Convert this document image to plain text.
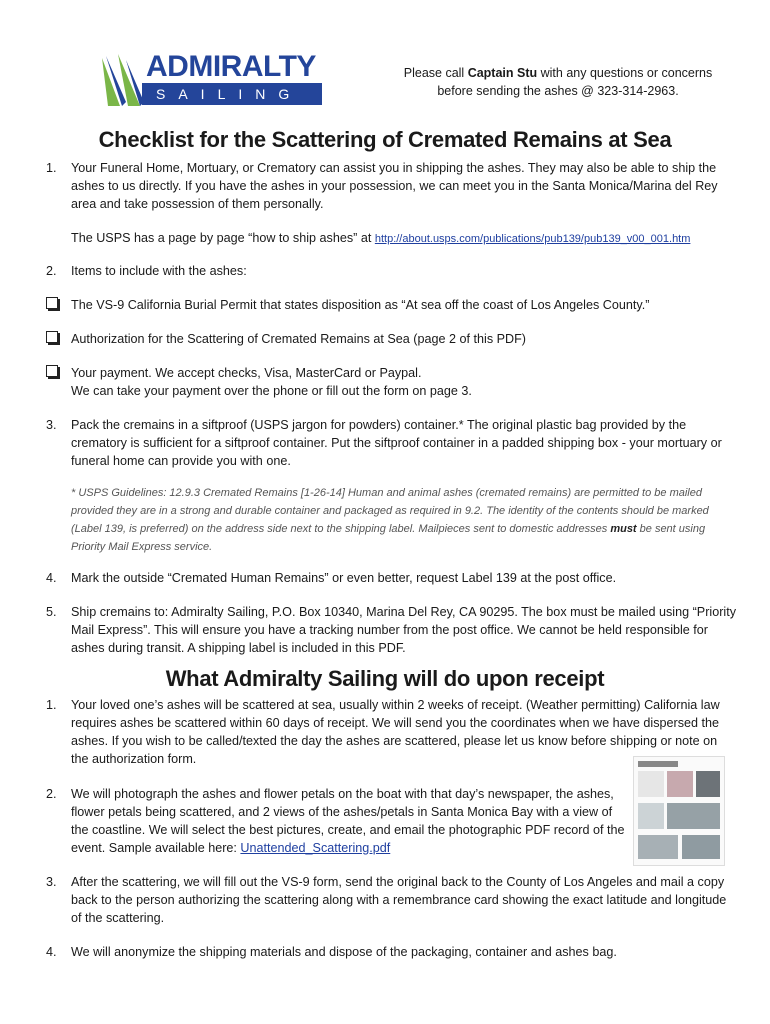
ADMIRALTY
SAILING
Please call Captain Stu with any questions or concerns
before sending the ashes @ 323-314-2963.
Checklist for the Scattering of Cremated Remains at Sea
1.	Your Funeral Home, Mortuary, or Crematory can assist you in shipping the ashes. They may also be able to ship the ashes to us directly. If you have the ashes in your possession, we can meet you in the Santa Monica/Marina del Rey area and take possession of them personally.
The USPS has a page by page “how to ship ashes” at http://about.usps.com/publications/pub139/pub139_v00_001.htm
2.	Items to include with the ashes:
The VS-9 California Burial Permit that states disposition as “At sea off the coast of Los Angeles County.”
Authorization for the Scattering of Cremated Remains at Sea (page 2 of this PDF)
Your payment. We accept checks, Visa, MasterCard or Paypal.
We can take your payment over the phone or fill out the form on page 3.
3.	Pack the cremains in a siftproof (USPS jargon for powders) container.* The original plastic bag provided by the crematory is sufficient for a siftproof container. Put the siftproof container in a padded shipping box - your mortuary or funeral home can provide you with one.
* USPS Guidelines: 12.9.3 Cremated Remains [1-26-14] Human and animal ashes (cremated remains) are permitted to be mailed provided they are in a strong and durable container and packaged as required in 9.2. The identity of the contents should be marked (Label 139, is preferred) on the address side next to the shipping label. Mailpieces sent to domestic addresses must be sent using Priority Mail Express service.
4.	Mark the outside “Cremated Human Remains” or even better, request Label 139 at the post office.
5.	Ship cremains to: Admiralty Sailing, P.O. Box 10340, Marina Del Rey, CA 90295. The box must be mailed using “Priority Mail Express”. This will ensure you have a tracking number from the post office. We cannot be held responsible for ashes during transit. A shipping label is included in this PDF.
What Admiralty Sailing will do upon receipt
1.	Your loved one’s ashes will be scattered at sea, usually within 2 weeks of receipt. (Weather permitting) California law requires ashes be scattered within 60 days of receipt. We will send you the coordinates when we have dispersed the ashes. If you wish to be called/texted the day the ashes are scattered, please let us know before shipping or note on the authorization form.
2.	We will photograph the ashes and flower petals on the boat with that day’s newspaper, the ashes, flower petals being scattered, and 2 views of the ashes/petals in Santa Monica Bay with a view of the coastline. We will select the best pictures, create, and email the photographic PDF record of the event. Sample available here: Unattended_Scattering.pdf
3.	After the scattering, we will fill out the VS-9 form, send the original back to the County of Los Angeles and mail a copy back to the person authorizing the scattering along with a remembrance card showing the exact latitude and longitude of the scattering.
4.	We will anonymize the shipping materials and dispose of the packaging, container and ashes bag.
